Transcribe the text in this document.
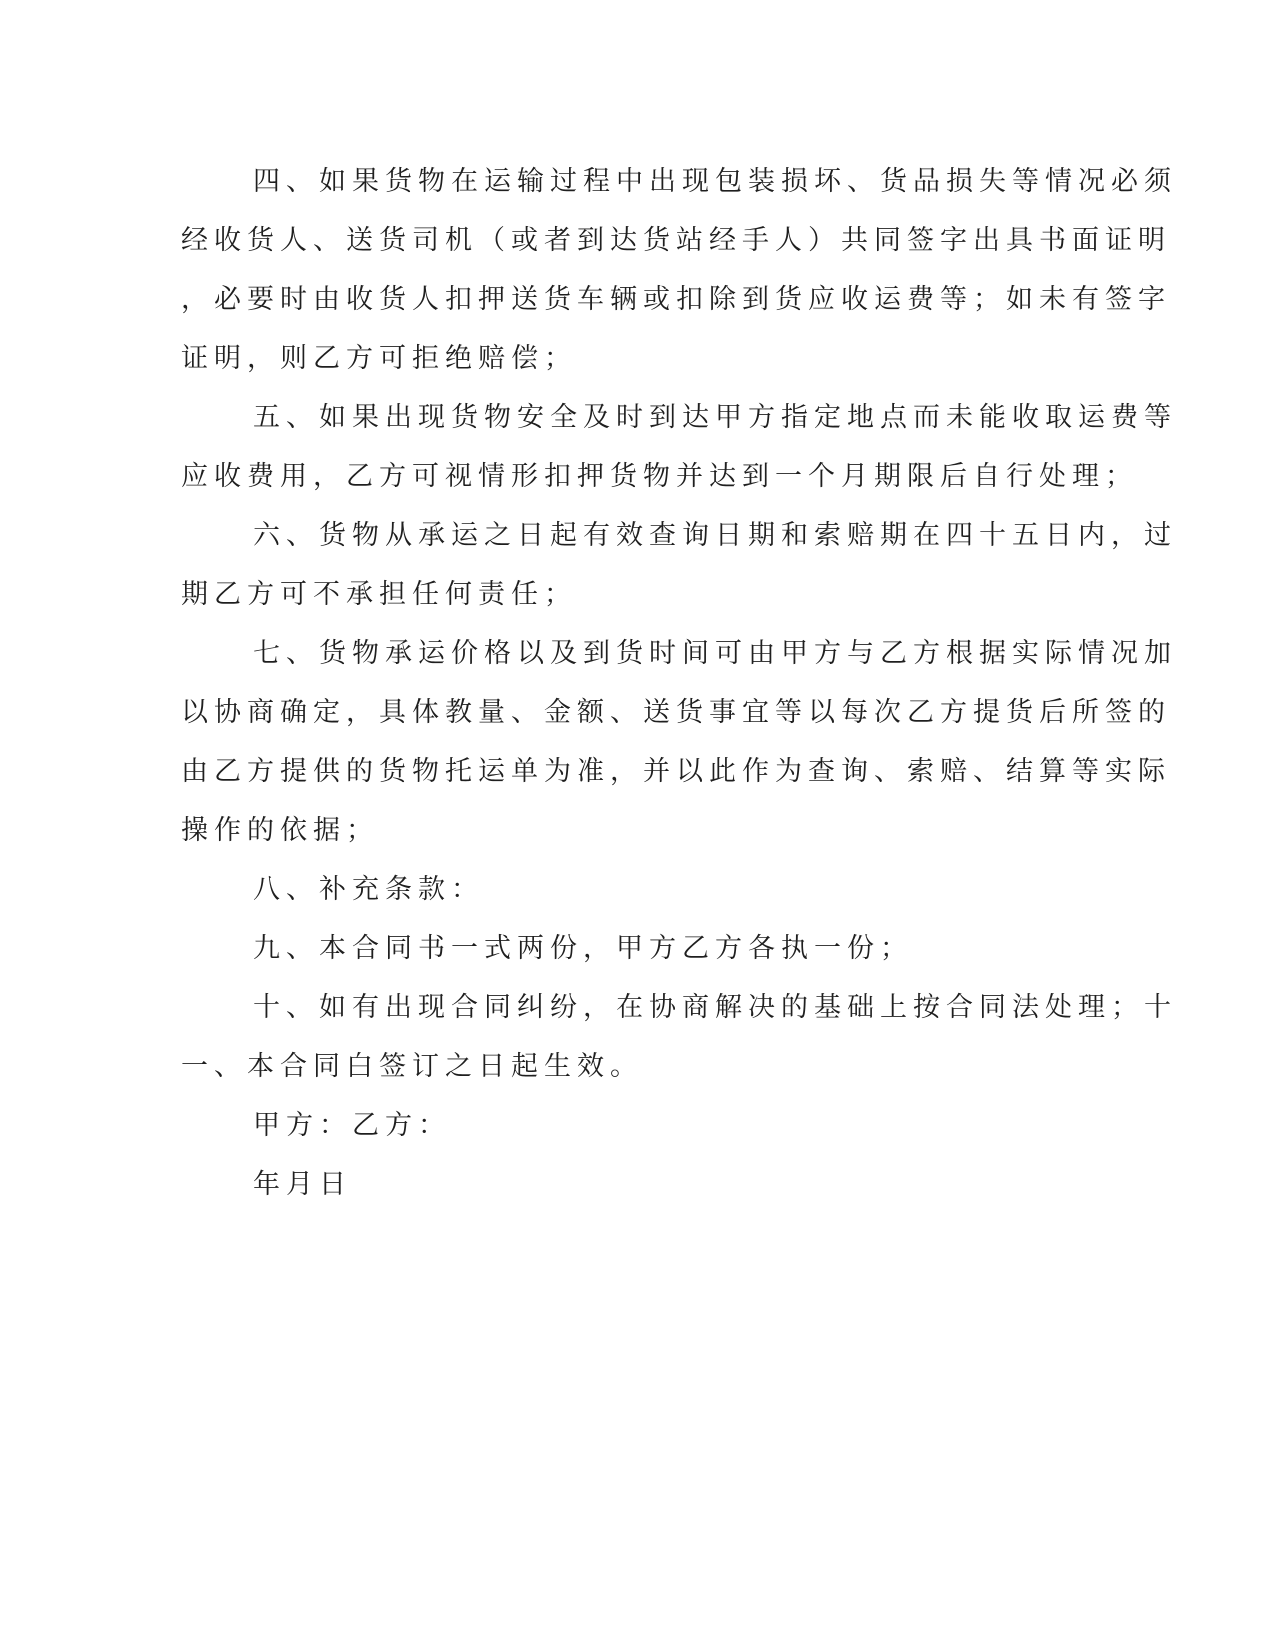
四、如果货物在运输过程中出现包装损坏、货品损失等情况必须
经收货人、送货司机（或者到达货站经手人）共同签字出具书面证明
，必要时由收货人扣押送货车辆或扣除到货应收运费等；如未有签字
证明，则乙方可拒绝赔偿；
五、如果出现货物安全及时到达甲方指定地点而未能收取运费等
应收费用，乙方可视情形扣押货物并达到一个月期限后自行处理；
六、货物从承运之日起有效查询日期和索赔期在四十五日内，过
期乙方可不承担任何责任；
七、货物承运价格以及到货时间可由甲方与乙方根据实际情况加
以协商确定，具体教量、金额、送货事宜等以每次乙方提货后所签的
由乙方提供的货物托运单为准，并以此作为查询、索赔、结算等实际
操作的依据；
八、补充条款：
九、本合同书一式两份，甲方乙方各执一份；
十、如有出现合同纠纷，在协商解决的基础上按合同法处理；十
一、本合同白签订之日起生效。
甲方：乙方：
年月日
